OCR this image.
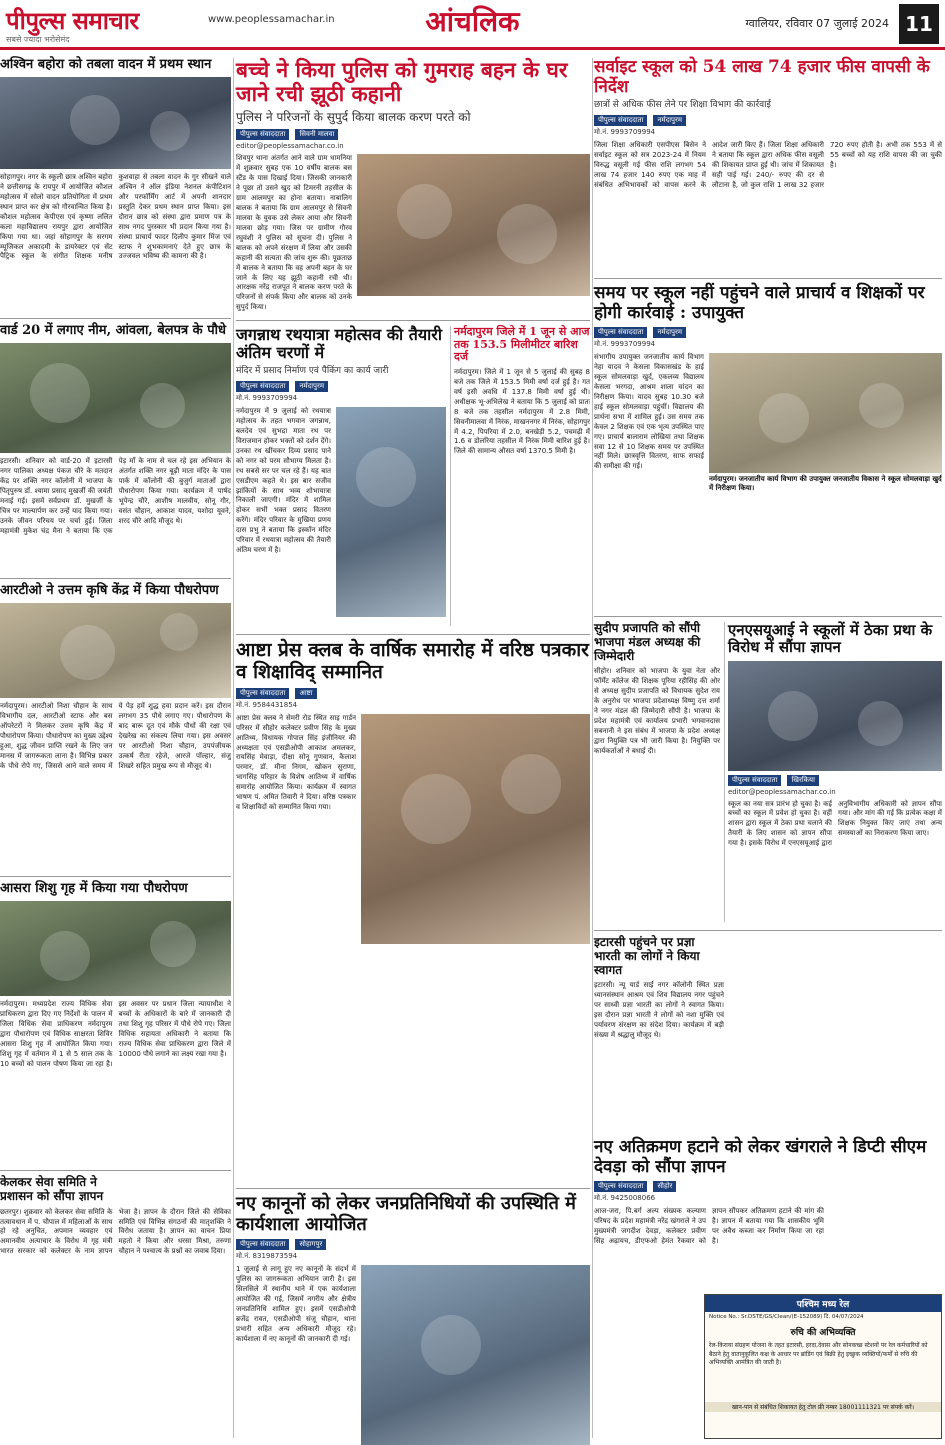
पीपुल्स समाचार
सबसे ज्यादा भरोसेमंद
www.peoplessamachar.in	आंचलिक	ग्वालियर, रविवार 07 जुलाई 2024 11
अश्विन बहोरा को तबला वादन में प्रथम स्थान
सोहागपुर। नगर के स्कूली छात्र अश्विन बहोरा ने छत्तीसगढ़ के रायपुर में आयोजित कौशल महोत्सव में सोलो वादन प्रतियोगिता में प्रथम स्थान प्राप्त कर क्षेत्र को गौरवान्वित किया है। कौशल महोत्सव केपीएस एवं कृष्णा ललित कला महाविद्यालय रायपुर द्वारा आयोजित किया गया था। जहां सोहागपुर के सरगम म्यूजिकल अकादमी के डायरेक्टर एवं सेंट पैट्रिक स्कूल के संगीत शिक्षक मनीष कुशवाहा से तबला वादन के गुर सीखने वाले अश्विन ने ऑल इंडिया नेशनल कंपीटिशन और परफॉर्मिंग आर्ट में अपनी शानदार प्रस्तुति देकर प्रथम स्थान प्राप्त किया। इस दौरान छात्र को संस्था द्वारा प्रमाण पत्र के साथ नगद पुरस्कार भी प्रदान किया गया है। संस्था प्राचार्य फादर दिलीप कुमार मिंज एवं स्टाफ ने शुभकामनाएं देते हुए छात्र के उज्जवल भविष्य की कामना की है।
वार्ड 20 में लगाए नीम, आंवला, बेलपत्र के पौधे
इटारसी। शनिवार को वार्ड-20 में इटारसी नगर पालिका अध्यक्ष पंकज चौरे के मतदान केंद्र पर शक्ति नगर कॉलोनी में भाजपा के पितृपुरुष डॉ. श्यामा प्रसाद मुखर्जी की जयंती मनाई गई। इसमें सर्वप्रथम डॉ. मुखर्जी के चित्र पर माल्यार्पण कर उन्हें याद किया गया। उनके जीवन परिचय पर चर्चा हुई। जिला महामंत्री मुकेश चंद्र मैना ने बताया कि एक पेड़ माँ के नाम से चल रहे इस अभियान के अंतर्गत शक्ति नगर बूढ़ी माता मंदिर के पास पार्क में कॉलोनी की बुजुर्ग माताओं द्वारा पौधारोपण किया गया। कार्यक्रम में पार्षद भूपेन्द्र चौरे, आशीष मालवीय, सोनू गौर, वसंत चौहान, आकाश यादव, यशोदा यूवने, शरद चौरे आदि मौजूद थे।
आरटीओ ने उत्तम कृषि केंद्र में किया पौधरोपण
नर्मदापुरम। आरटीओ निशा चौहान के साथ विभागीय दल, आरटीओ स्टाफ और बस ऑपरेटरों ने मिलकर उत्तम कृषि केंद्र में पौधारोपण किया। पौधारोपण का मुख्य उद्देश्य हुआ, शुद्ध जीवन प्राप्ति रखने के लिए जन मानस में जागरूकता लाना है। विभिन्न प्रकार के पौधे रोपे गए, जिससे आने वाले समय में ये पेड़ हमें शुद्ध हवा प्रदान करें। इस दौरान लगभग 35 पौधे लगाए गए। पौधारोपण के बाद बारू दूत एवं मौके पौधों की रक्षा एवं देखरेख का संकल्प लिया गया। इस अवसर पर आरटीओ निशा चौहान, उपपंजीयक उत्कर्ष रीता रहेजे, आरजे पॉल्हार, संजु शिखरे सहित प्रमुख रूप से मौजूद थे।
आसरा शिशु गृह में किया गया पौधरोपण
नर्मदापुरम। मध्यप्रदेश राज्य विधिक सेवा प्राधिकरण द्वारा दिए गए निर्देशों के पालन में जिला विधिक सेवा प्राधिकरण नर्मदापुरम द्वारा पौधारोपण एवं विधिक साक्षरता शिविर आसरा शिशु गृह में आयोजित किया गया। शिशु गृह में वर्तमान में 1 से 5 साल तक के 10 बच्चों को पालन पोषण किया जा रहा है। इस अवसर पर प्रधान जिला न्यायाधीश ने बच्चों के अधिकारों के बारे में जानकारी दी तथा शिशु गृह परिसर में पौधे रोपे गए। जिला विधिक सहायता अधिकारी ने बताया कि राज्य विधिक सेवा प्राधिकरण द्वारा जिले में 10000 पौधे लगाने का लक्ष्य रखा गया है।
केलकर सेवा समिति ने प्रशासन को सौंपा ज्ञापन
छतरपुर। शुक्रवार को केलकर सेवा समिति के तत्वावधान में प. चौपाल में महिलाओं के साथ हो रहे अनुचित, अपमान व्यवहार एवं अमानवीय अत्याचार के विरोध में गृह मंत्री भारत सरकार को कलेक्टर के नाम ज्ञापन भेजा है। ज्ञापन के दौरान जिले की सेविका समिति एवं विभिन्न संगठनों की मातृशक्ति ने विरोध जताया है। ज्ञापन का वाचन प्रिया महतो ने किया और धरसा मिश्रा, तरुणा चौहान ने पश्चात्य के प्रश्नों का जवाब दिया।
बच्चे ने किया पुलिस को गुमराह बहन के घर जाने रची झूठी कहानी
पुलिस ने परिजनों के सुपुर्द किया बालक करण परते को
पीपुल्स संवाददाता	सिवनी मालवा
editor@peoplessamachar.co.in
शिवपुर थाना अंतर्गत आने वाले ग्राम धामनिया में शुक्रवार सुबह एक 10 वर्षीय बालक बस स्टैंड के पास दिखाई दिया। जिसकी जानकारी ने पूछा तो उसने खुद को टिमरनी तहसील के ग्राम आलमपुर का होना बताया। नाबालिग बालक ने बताया कि ग्राम आलमपुर से सिवनी मालवा के युवक उसे लेकर आया और सिवनी मालवा छोड़ गया। जिस पर ग्रामीण गौरव रघुवंशी ने पुलिस को सूचना दी। पुलिस ने बालक को अपने संरक्षण में लिया और उसकी कहानी की सत्यता की जांच शुरू की। पूछताछ में बालक ने बताया कि वह अपनी बहन के घर जाने के लिए यह झूठी कहानी रची थी। आरक्षक नरेंद्र राजपूत ने बालक करण परते के परिजनों से संपर्क किया और बालक को उनके सुपुर्द किया।
जगन्नाथ रथयात्रा महोत्सव की तैयारी अंतिम चरणों में
मंदिर में प्रसाद निर्माण एवं पैकिंग का कार्य जारी
पीपुल्स संवाददाता	नर्मदापुरम
मो.नं. 9993709994
नर्मदापुरम में 9 जुलाई को रथयात्रा महोत्सव के तहत भगवान जगन्नाथ, बलदेव एवं सुभद्रा माता रथ पर विराजमान होकर भक्तों को दर्शन देंगे। उनका रथ खींचकर दिव्य प्रसाद पाने को नगर को परम सौभाग्य मिलता है। रथ सबसे सर पर चल रहे हैं। यह बात एसडीएम कहते थे। इस बार सजीव झांकियों के साथ भव्य शोभायात्रा निकाली जाएगी। मंदिर में शामिल होकर सभी भक्त प्रसाद वितरण करेंगे। मंदिर परिवार के मुखिया प्रणय दास प्रभु ने बताया कि इस्कॉन मंदिर परिवार में रथयात्रा महोत्सव की तैयारी अंतिम चरण में है।
नर्मदापुरम जिले में 1 जून से आज तक 153.5 मिलीमीटर बारिश दर्ज
नर्मदापुरम। जिले में 1 जून से 5 जुलाई की सुबह 8 बजे तक जिले में 153.5 मिमी वर्षा दर्ज हुई है। गत वर्ष इसी अवधि में 137.8 मिमी वर्षा हुई थी। अधीक्षक भू-अभिलेख ने बताया कि 5 जुलाई को प्रातः 8 बजे तक तहसील नर्मदापुरम में 2.8 मिमी, सिवनीमालवा में निरंक, माखननगर में निरंक, सोहागपुर में 4.2, पिपरिया में 2.0, बनखेड़ी 5.2, पचमढ़ी में 1.6 व डोलरिया तहसील में निरंक मिमी बारिश हुई है। जिले की सामान्य औसत वर्षा 1370.5 मिमी है।
आष्टा प्रेस क्लब के वार्षिक समारोह में वरिष्ठ पत्रकार व शिक्षाविद् सम्मानित
पीपुल्स संवाददाता	आष्टा
मो.नं. 9584431854
आष्टा प्रेस क्लब ने सेमरी रोड स्थित साइ गार्डन परिसर में सीहोर कलेक्टर प्रवीण सिंह के मुख्य आतिथ्य, विधायक गोपाल सिंह इंजीनियर की अध्यक्षता एवं एसडीओपी आकाश अमलकर, रायसिंह मेवाड़ा, दीक्षा सोनू गुणवान, कैलाश परमार, डॉ. मीना निगम, खोकन सुराणा, भागसिंह परिहार के विशेष आतिथ्य में वार्षिक समारोह आयोजित किया। कार्यक्रम में स्वागत भाषण पं. अमित तिवारी ने दिया। वरिष्ठ पत्रकार व शिक्षाविदों को सम्मानित किया गया।
नए कानूनों को लेकर जनप्रतिनिधियों की उपस्थिति में कार्यशाला आयोजित
पीपुल्स संवाददाता	सोहागपुर
मो.नं. 8319873594
1 जुलाई से लागू हुए नए कानूनों के संदर्भ में पुलिस का जागरूकता अभियान जारी है। इस सिलसिले में स्थानीय थाने में एक कार्यशाला आयोजित की गई, जिसमें नगरीय और क्षेत्रीय जनप्रतिनिधि शामिल हुए। इसमें एसडीओपी ब्रजेंद्र रावत, एसडीओपी संजू चौहान, थाना प्रभारी सहित अन्य अधिकारी मौजूद रहे। कार्यशाला में नए कानूनों की जानकारी दी गई।
सर्वाइट स्कूल को 54 लाख 74 हजार फीस वापसी के निर्देश
छात्रों से अधिक फीस लेने पर शिक्षा विभाग की कार्रवाई
पीपुल्स संवाददाता	नर्मदापुरम
मो.नं. 9993709994
जिला शिक्षा अधिकारी एसपीएस बिसेन ने सर्वाइट स्कूल को सत्र 2023-24 में नियम विरुद्ध वसूली गई फीस राशि लगभग 54 लाख 74 हजार 140 रुपए एक माह में संबंधित अभिभावकों को वापस करने के आदेश जारी किए हैं। जिला शिक्षा अधिकारी ने बताया कि स्कूल द्वारा अधिक फीस वसूली की शिकायत प्राप्त हुई थी। जांच में शिकायत सही पाई गई। 240/- रुपए की दर से लौटाना है, जो कुल राशि 1 लाख 32 हजार 720 रुपए होती है। अभी तक 553 में से 55 बच्चों को यह राशि वापस की जा चुकी है।
समय पर स्कूल नहीं पहुंचने वाले प्राचार्य व शिक्षकों पर होगी कार्रवाई : उपायुक्त
पीपुल्स संवाददाता	नर्मदापुरम
मो.नं. 9993709994
संभागीय उपायुक्त जनजातीय कार्य विभाग नेहा यादव ने केसला विकासखंड के हाई स्कूल सोमलवाड़ा खुर्द, एकलव्य विद्यालय केसला भरगदा, आश्रम शाला चांदन का निरीक्षण किया। यादव सुबह 10.30 बजे हाई स्कूल सोमलवाड़ा पहुंचीं। विद्यालय की प्रार्थना सभा में शामिल हुई। उस समय तक केवल 2 शिक्षक एवं एक भृत्य उपस्थित पाए गए। प्राचार्य बालाराम लोखिया तथा शिक्षक सवा 12 से 10 शिक्षक समय पर उपस्थित नहीं मिले। छात्रवृत्ति वितरण, साफ सफाई की समीक्षा की गई।
नर्मदापुरम। जनजातीय कार्य विभाग की उपायुक्त जनजातीय विकास ने स्कूल सोमलवाड़ा खुर्द में निरीक्षण किया।
सुदीप प्रजापति को सौंपी भाजपा मंडल अध्यक्ष की जिम्मेदारी
सीहोर। शनिवार को भाजपा के युवा नेता और फॉर्मेंट कॉलेज की शिक्षक पूरिया रहीसिंह की ओर से अध्यक्ष सुदीप प्रजापति को विधायक सुदेश राय के अनुरोध पर भाजपा प्रदेशाध्यक्ष विष्णु दत्त शर्मा ने नगर मंडल की जिम्मेदारी सौंपी है। भाजपा के प्रदेश महामंत्री एवं कार्यालय प्रभारी भगवानदास सबनानी ने इस संबंध में भाजपा के प्रदेश अध्यक्ष द्वारा नियुक्ति पत्र भी जारी किया है। नियुक्ति पर कार्यकर्ताओं ने बधाई दी।
एनएसयूआई ने स्कूलों में ठेका प्रथा के विरोध में सौंपा ज्ञापन
पीपुल्स संवाददाता	खिरकिया
editor@peoplessamachar.co.in
स्कूल का नया सत्र प्रारंभ हो चुका है। कई बच्चों का स्कूल में प्रवेश हो चुका है। वहीं शासन द्वारा स्कूल में ठेका प्रथा चलाने की तैयारी के लिए शासन को ज्ञापन सौंपा गया है। इसके विरोध में एनएसयूआई द्वारा अनुविभागीय अधिकारी को ज्ञापन सौंपा गया। और मांग की गई कि प्रत्येक कक्षा में शिक्षक नियुक्त किए जाएं तथा अन्य समस्याओं का निराकरण किया जाए।
नए अतिक्रमण हटाने को लेकर खंगराले ने डिप्टी सीएम देवड़ा को सौंपा ज्ञापन
पीपुल्स संवाददाता	सीहोर
मो.नं. 9425008066
आज-जरा, पि.बर्ग अल्प संख्यक कल्याण परिषद के प्रदेश महामंत्री नरेंद्र खंगराले ने उप मुख्यमंत्री जगदीश देवड़ा, कलेक्टर प्रवीण सिंह अढ़ायच, डीएफओ हेमंत रैकवार को ज्ञापन सौंपकर अतिक्रमण हटाने की मांग की है। ज्ञापन में बताया गया कि शासकीय भूमि पर अवैध कब्जा कर निर्माण किया जा रहा है।
पश्चिम मध्य रेल
Notice No.: Sr.DSTE/GS/Clean/(E-152089) दि. 04/07/2024
रुचि की अभिव्यक्ति
रेल-किराया संग्रहण योजना के तहत इटारसी, हरदा,देवास और सोनकच्छ स्टेशनों पर रेल कर्मचारियों को बैठाने हेतु वातानुकूलित कक्ष के आधार पर ब्रांडिंग एवं बिक्री हेतु इच्छुक व्यक्तियों/फर्मों से रुचि की अभिव्यक्ति आमंत्रित की जाती है।
खान-पान से संबंधित शिकायत हेतु टोल फ्री नम्बर 18001111321 पर संपर्क करें।
इटारसी पहुंचने पर प्रज्ञा भारती का लोगों ने किया स्वागत
इटारसी। न्यू यार्ड साईं नगर कॉलोनी स्थित प्रज्ञा ध्यानसंस्थान आश्रम एवं शिव विद्यालय नगर पहुंचने पर साध्वी प्रज्ञा भारती का लोगों ने स्वागत किया। इस दौरान प्रज्ञा भारती ने लोगों को नशा मुक्ति एवं पर्यावरण संरक्षण का संदेश दिया। कार्यक्रम में बड़ी संख्या में श्रद्धालु मौजूद थे।
